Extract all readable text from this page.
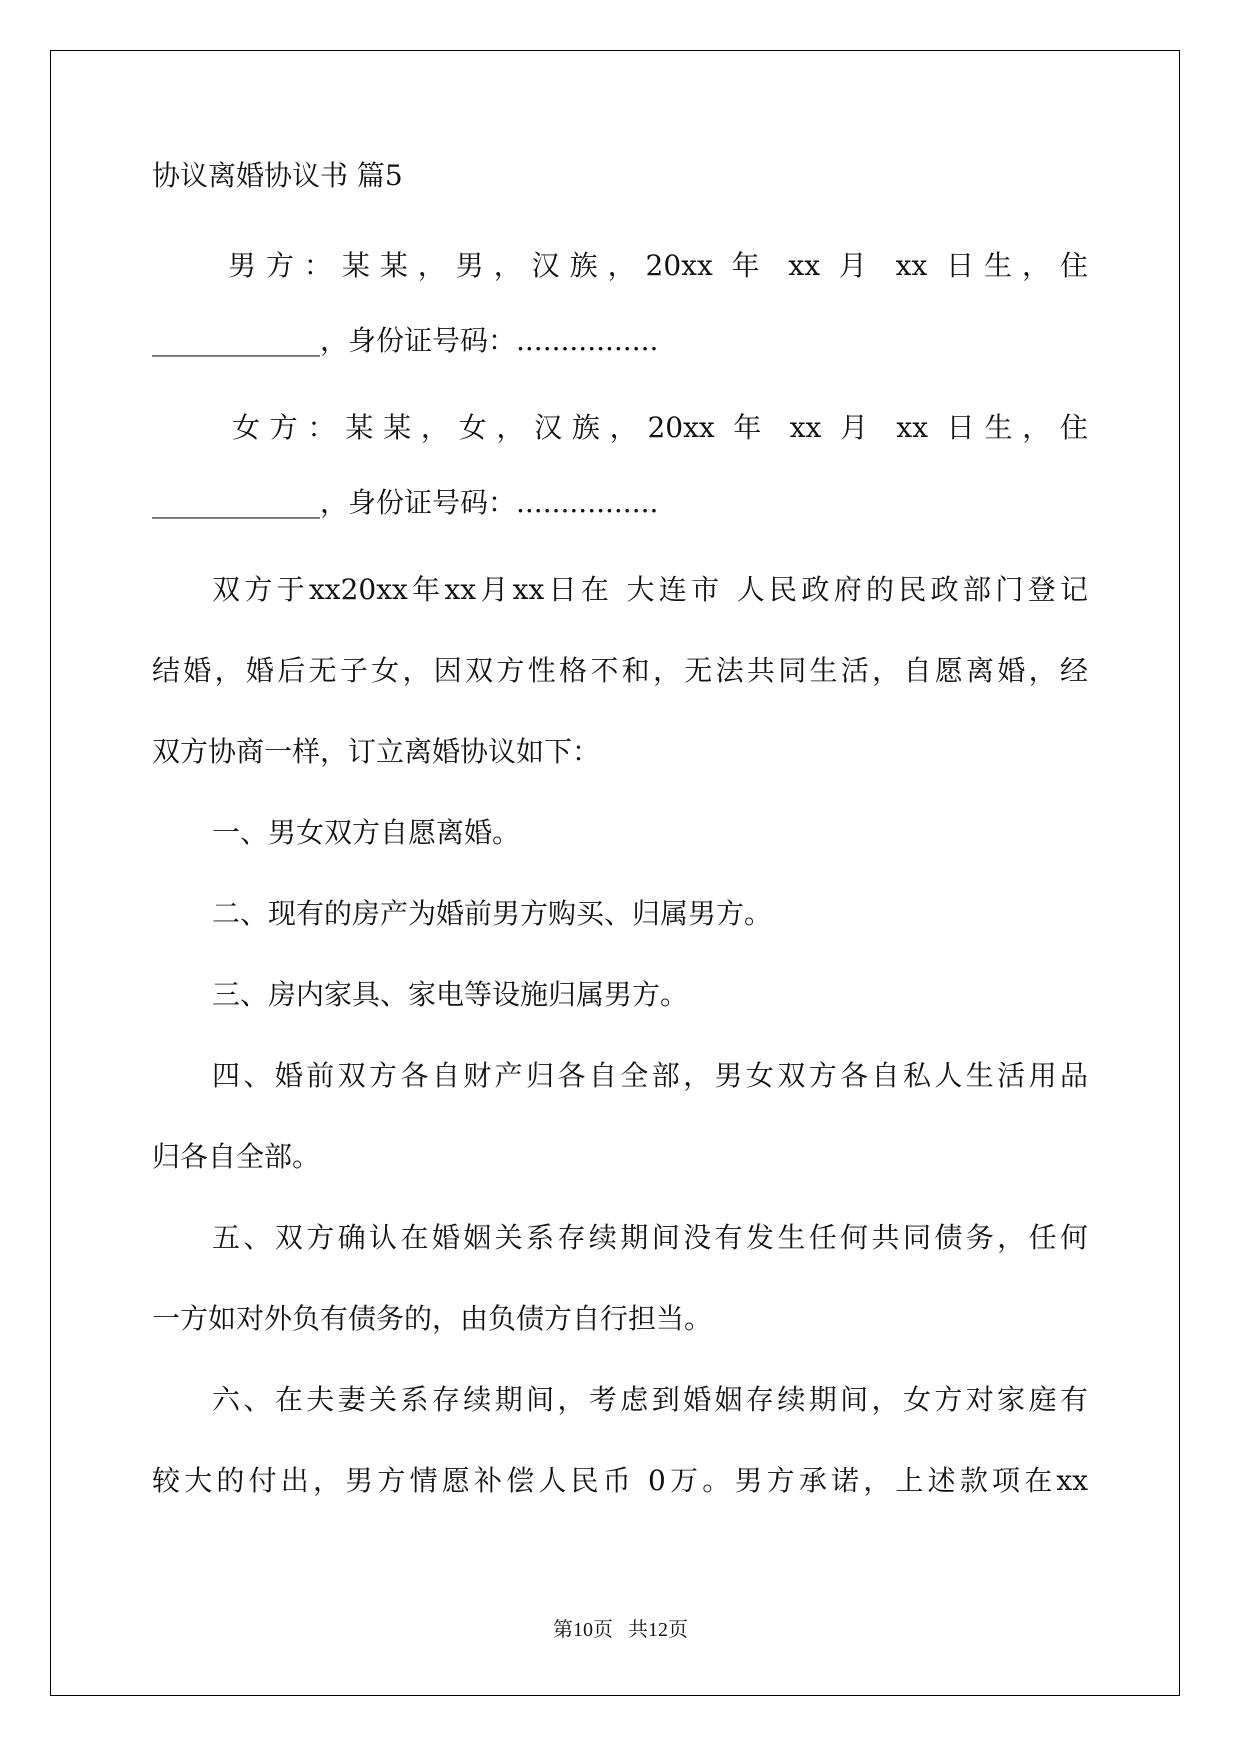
协议离婚协议书 篇5
男方：某某，男，汉族，20xx 年 xx 月 xx 日生，住
____________，身份证号码：................
女方：某某，女，汉族，20xx 年 xx 月 xx 日生，住
____________，身份证号码：................
双方于xx20xx年xx月xx日在 大连市 人民政府的民政部门登记
结婚，婚后无子女，因双方性格不和，无法共同生活，自愿离婚，经
双方协商一样，订立离婚协议如下：
一、男女双方自愿离婚。
二、现有的房产为婚前男方购买、归属男方。
三、房内家具、家电等设施归属男方。
四、婚前双方各自财产归各自全部，男女双方各自私人生活用品
归各自全部。
五、双方确认在婚姻关系存续期间没有发生任何共同债务，任何
一方如对外负有债务的，由负债方自行担当。
六、在夫妻关系存续期间，考虑到婚姻存续期间，女方对家庭有
较大的付出，男方情愿补偿人民币 0万。男方承诺，上述款项在xx
第10页 共12页
